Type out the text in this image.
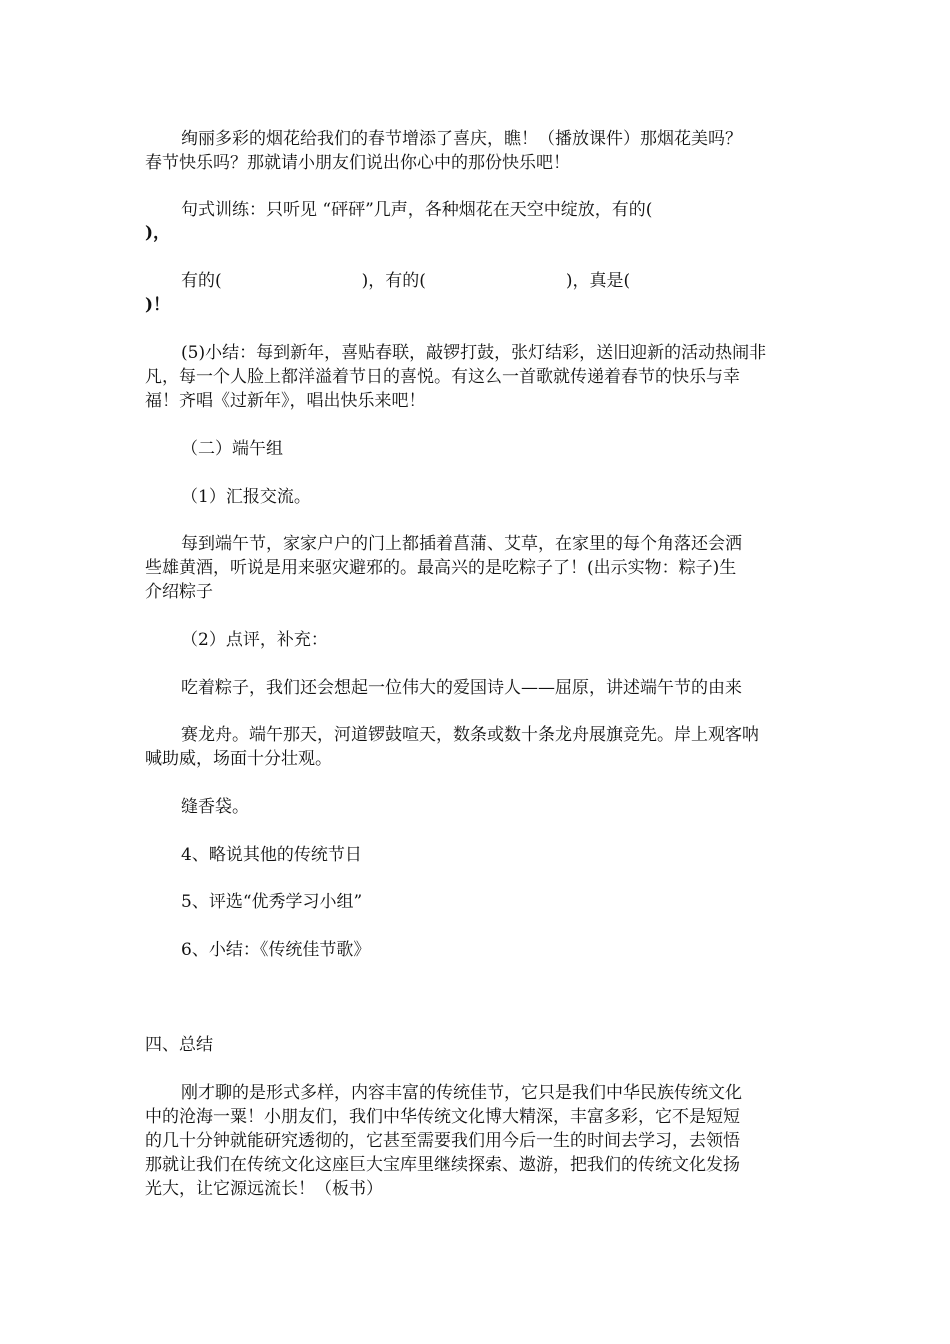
绚丽多彩的烟花给我们的春节增添了喜庆，瞧！（播放课件）那烟花美吗？
春节快乐吗？那就请小朋友们说出你心中的那份快乐吧！
句式训练：只听见 “砰砰”几声，各种烟花在天空中绽放，有的(
)，
有的(	)，有的(	)，真是(
)！
(5)小结：每到新年，喜贴春联，敲锣打鼓，张灯结彩，送旧迎新的活动热闹非
凡，每一个人脸上都洋溢着节日的喜悦。有这么一首歌就传递着春节的快乐与幸
福！齐唱《过新年》，唱出快乐来吧！
（二）端午组
（1）汇报交流。
每到端午节，家家户户的门上都插着菖蒲、艾草，在家里的每个角落还会洒
些雄黄酒，听说是用来驱灾避邪的。最高兴的是吃粽子了！(出示实物：粽子)生
介绍粽子
（2）点评，补充：
吃着粽子，我们还会想起一位伟大的爱国诗人——屈原，讲述端午节的由来
赛龙舟。端午那天，河道锣鼓喧天，数条或数十条龙舟展旗竞先。岸上观客呐
喊助威，场面十分壮观。
缝香袋。
4、略说其他的传统节日
5、评选“优秀学习小组”
6、小结：《传统佳节歌》
四、总结
刚才聊的是形式多样，内容丰富的传统佳节，它只是我们中华民族传统文化
中的沧海一粟！小朋友们，我们中华传统文化博大精深，丰富多彩，它不是短短
的几十分钟就能研究透彻的，它甚至需要我们用今后一生的时间去学习，去领悟
那就让我们在传统文化这座巨大宝库里继续探索、遨游，把我们的传统文化发扬
光大，让它源远流长！（板书）
